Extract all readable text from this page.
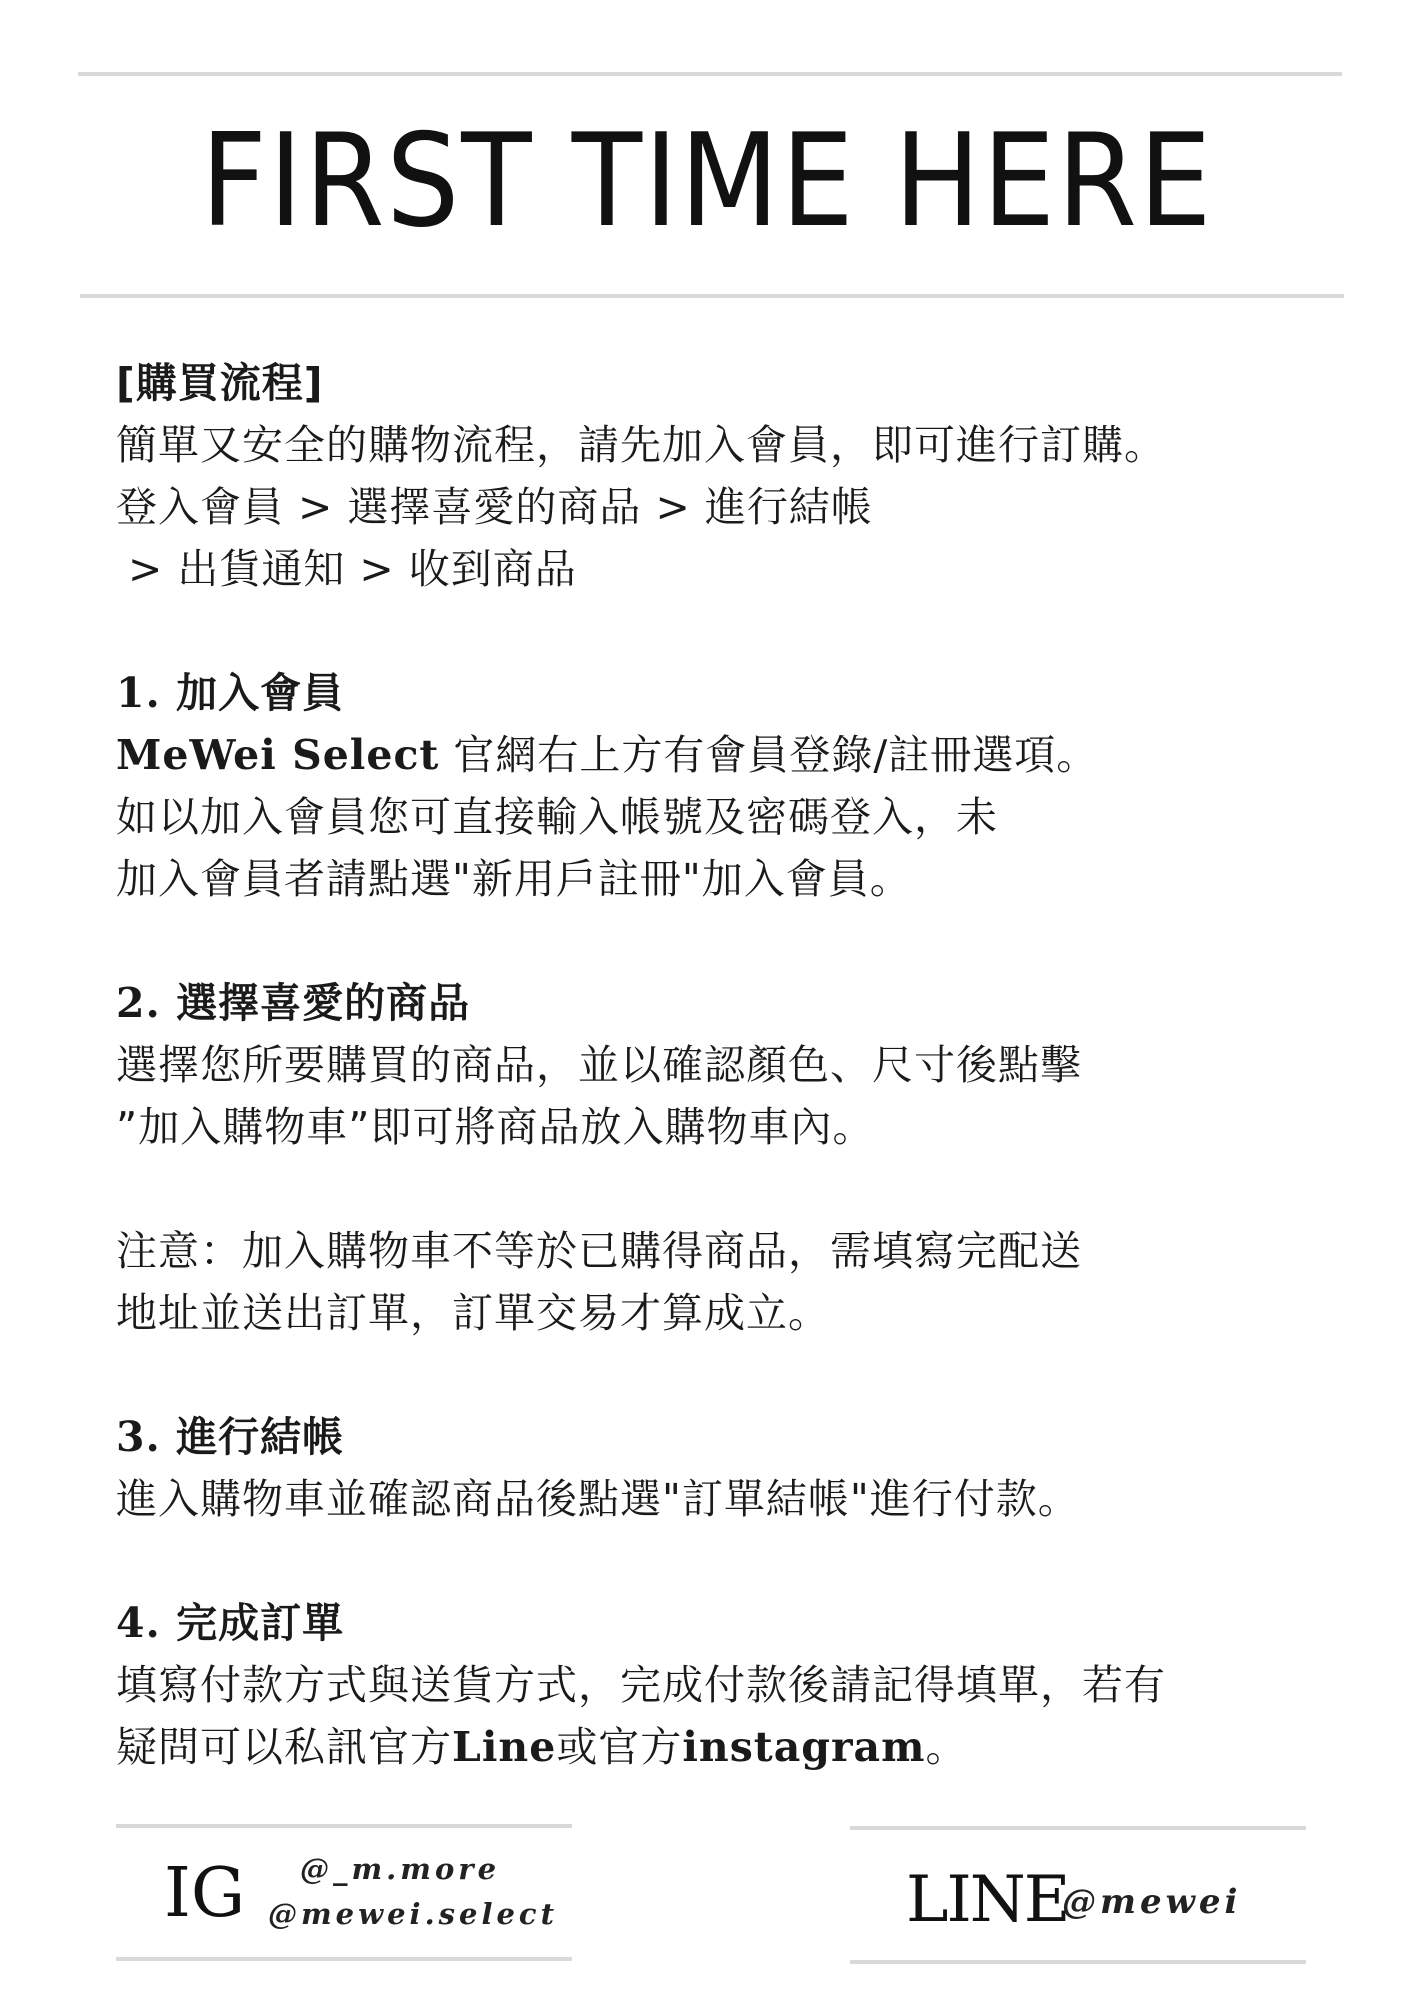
FIRST TIME HERE

[購買流程]

簡單又安全的購物流程，請先加入會員，即可進行訂購。

登入會員 > 選擇喜愛的商品 > 進行結帳

> 出貨通知 > 收到商品

1. 加入會員

MeWei Select 官網右上方有會員登錄/註冊選項。

如以加入會員您可直接輸入帳號及密碼登入，未

加入會員者請點選"新用戶註冊"加入會員。

2. 選擇喜愛的商品

選擇您所要購買的商品，並以確認顏色、尺寸後點擊

”加入購物車”即可將商品放入購物車內。

注意：加入購物車不等於已購得商品，需填寫完配送

地址並送出訂單，訂單交易才算成立。

3. 進行結帳

進入購物車並確認商品後點選"訂單結帳"進行付款。

4. 完成訂單

填寫付款方式與送貨方式，完成付款後請記得填單，若有

疑問可以私訊官方Line或官方instagram。

IG @_m.more
@mewei.select	LINE
@mewei
